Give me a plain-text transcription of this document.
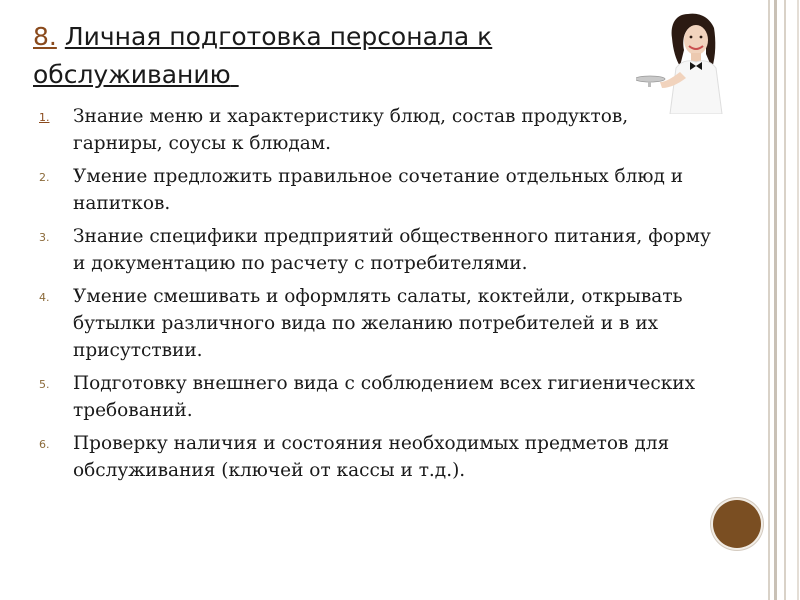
8. Личная подготовка персонала к
обслуживанию
1.	Знание меню и характеристику блюд, состав продуктов, гарниры, соусы к блюдам.
2.	Умение предложить правильное сочетание отдельных блюд и напитков.
3.	Знание специфики предприятий общественного питания, форму и документацию по расчету с потребителями.
4.	Умение смешивать и оформлять салаты, коктейли, открывать бутылки различного вида по желанию потребителей и в их присутствии.
5.	Подготовку внешнего вида с соблюдением всех гигиенических требований.
6.	Проверку наличия и состояния необходимых предметов для обслуживания (ключей от кассы и т.д.).
